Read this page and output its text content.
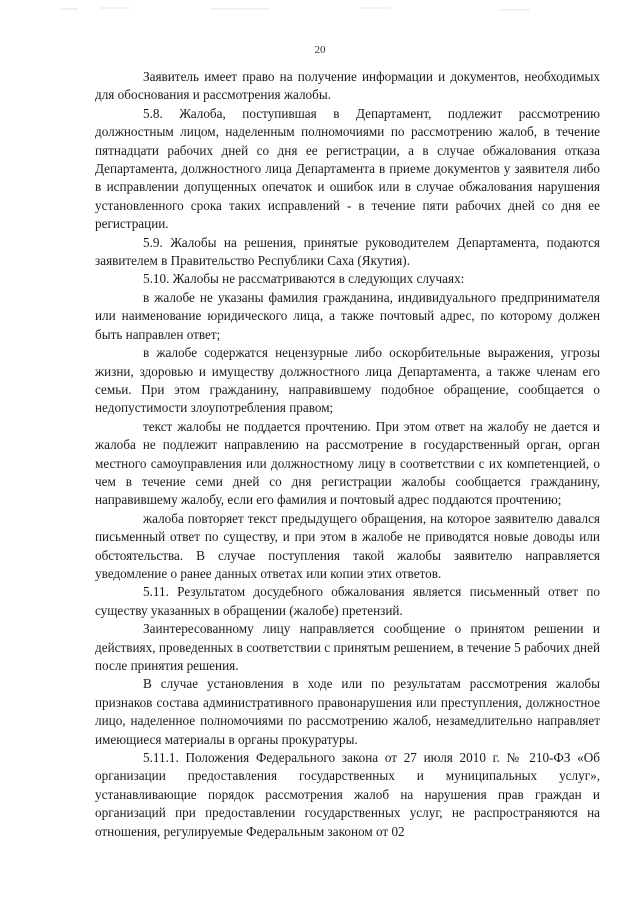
20

Заявитель имеет право на получение информации и документов, необходимых для обоснования и рассмотрения жалобы.

5.8. Жалоба, поступившая в Департамент, подлежит рассмотрению должностным лицом, наделенным полномочиями по рассмотрению жалоб, в течение пятнадцати рабочих дней со дня ее регистрации, а в случае обжалования отказа Департамента, должностного лица Департамента в приеме документов у заявителя либо в исправлении допущенных опечаток и ошибок или в случае обжалования нарушения установленного срока таких исправлений - в течение пяти рабочих дней со дня ее регистрации.

5.9. Жалобы на решения, принятые руководителем Департамента, подаются заявителем в Правительство Республики Саха (Якутия).

5.10. Жалобы не рассматриваются в следующих случаях:

в жалобе не указаны фамилия гражданина, индивидуального предпринимателя или наименование юридического лица, а также почтовый адрес, по которому должен быть направлен ответ;

в жалобе содержатся нецензурные либо оскорбительные выражения, угрозы жизни, здоровью и имуществу должностного лица Департамента, а также членам его семьи. При этом гражданину, направившему подобное обращение, сообщается о недопустимости злоупотребления правом;

текст жалобы не поддается прочтению. При этом ответ на жалобу не дается и жалоба не подлежит направлению на рассмотрение в государственный орган, орган местного самоуправления или должностному лицу в соответствии с их компетенцией, о чем в течение семи дней со дня регистрации жалобы сообщается гражданину, направившему жалобу, если его фамилия и почтовый адрес поддаются прочтению;

жалоба повторяет текст предыдущего обращения, на которое заявителю давался письменный ответ по существу, и при этом в жалобе не приводятся новые доводы или обстоятельства. В случае поступления такой жалобы заявителю направляется уведомление о ранее данных ответах или копии этих ответов.

5.11. Результатом досудебного обжалования является письменный ответ по существу указанных в обращении (жалобе) претензий.

Заинтересованному лицу направляется сообщение о принятом решении и действиях, проведенных в соответствии с принятым решением, в течение 5 рабочих дней после принятия решения.

В случае установления в ходе или по результатам рассмотрения жалобы признаков состава административного правонарушения или преступления, должностное лицо, наделенное полномочиями по рассмотрению жалоб, незамедлительно направляет имеющиеся материалы в органы прокуратуры.

5.11.1. Положения Федерального закона от 27 июля 2010 г. № 210-ФЗ «Об организации предоставления государственных и муниципальных услуг», устанавливающие порядок рассмотрения жалоб на нарушения прав граждан и организаций при предоставлении государственных услуг, не распространяются на отношения, регулируемые Федеральным законом от 02
